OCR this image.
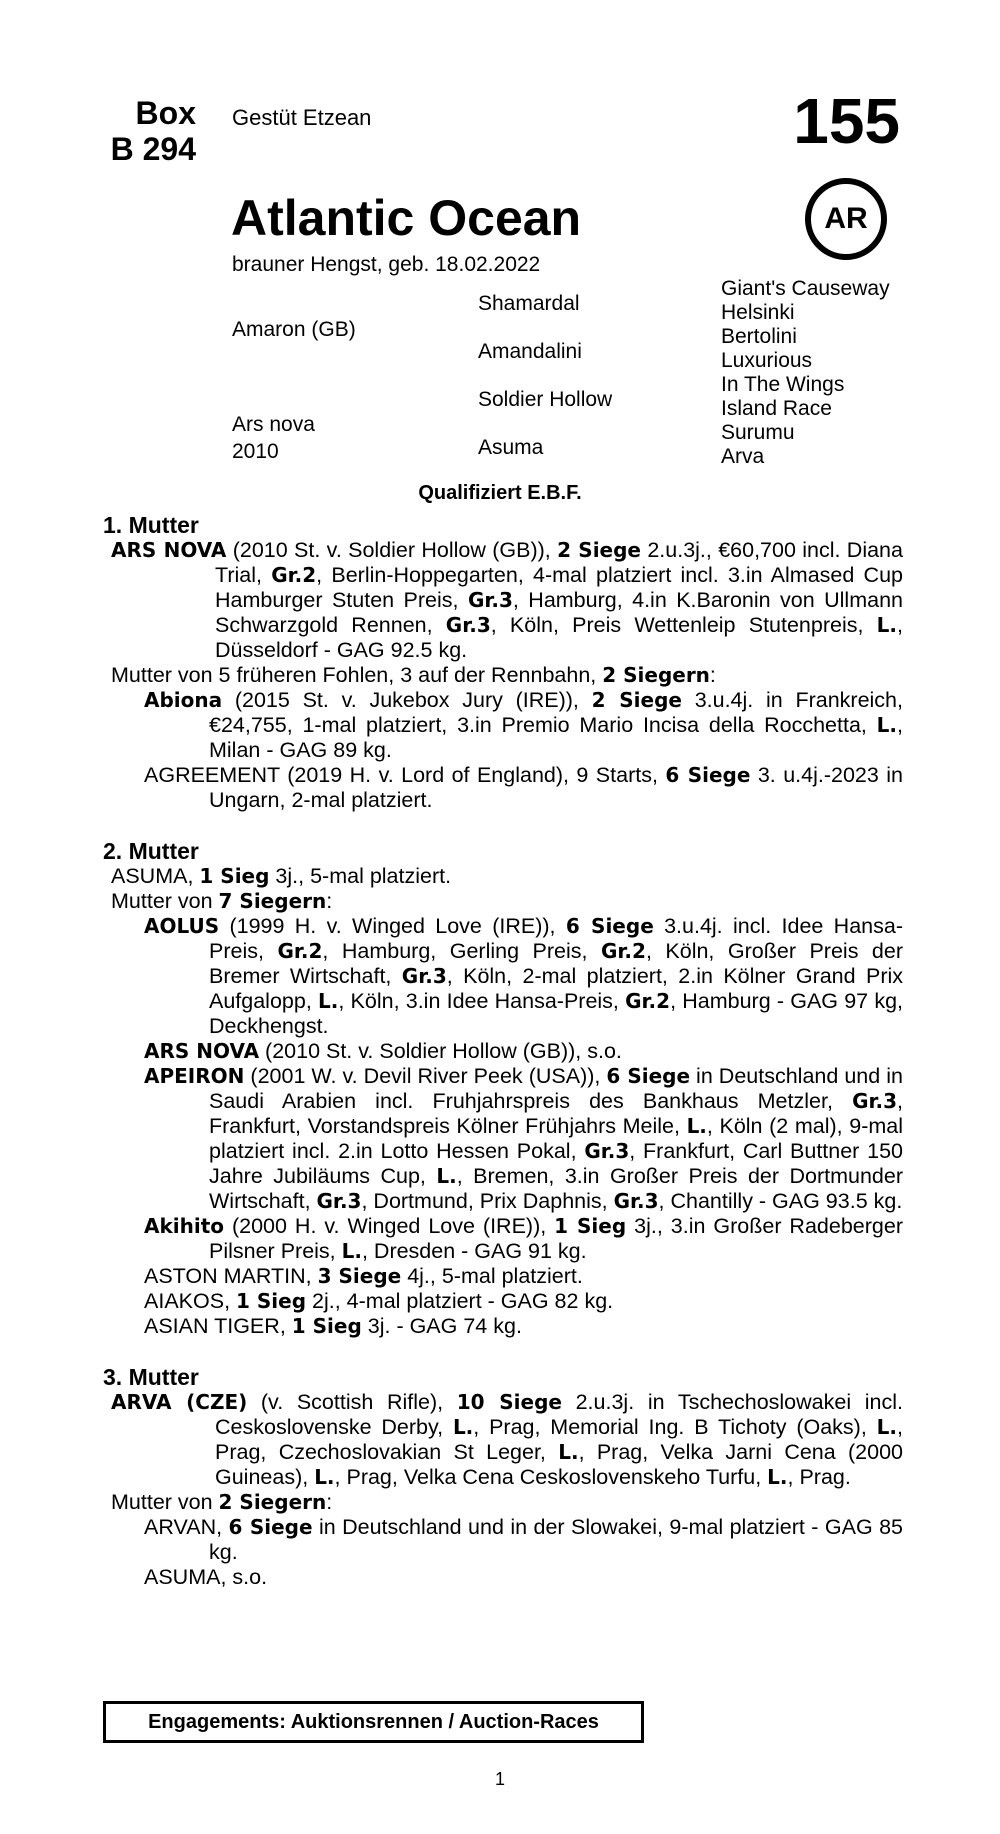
Box
B 294
Gestüt Etzean	155
Atlantic Ocean	AR
brauner Hengst, geb. 18.02.2022
Amaron (GB)
Ars nova
2010
Shamardal
Amandalini
Soldier Hollow
Asuma
Giant's Causeway
Helsinki
Bertolini
Luxurious
In The Wings
Island Race
Surumu
Arva
Qualifiziert E.B.F.
1. Mutter
ARS NOVA (2010 St. v. Soldier Hollow (GB)), 2 Siege 2.u.3j., €60,700 incl. Diana Trial, Gr.2, Berlin-Hoppegarten, 4-mal platziert incl. 3.in Almased Cup Hamburger Stuten Preis, Gr.3, Hamburg, 4.in K.Baronin von Ullmann Schwarzgold Rennen, Gr.3, Köln, Preis Wettenleip Stutenpreis, L., Düsseldorf - GAG 92.5 kg.
Mutter von 5 früheren Fohlen, 3 auf der Rennbahn, 2 Siegern:
Abiona (2015 St. v. Jukebox Jury (IRE)), 2 Siege 3.u.4j. in Frankreich, €24,755, 1-mal platziert, 3.in Premio Mario Incisa della Rocchetta, L., Milan - GAG 89 kg.
AGREEMENT (2019 H. v. Lord of England), 9 Starts, 6 Siege 3. u.4j.-2023 in Ungarn, 2-mal platziert.
2. Mutter
ASUMA, 1 Sieg 3j., 5-mal platziert.
Mutter von 7 Siegern:
AOLUS (1999 H. v. Winged Love (IRE)), 6 Siege 3.u.4j. incl. Idee Hansa-Preis, Gr.2, Hamburg, Gerling Preis, Gr.2, Köln, Großer Preis der Bremer Wirtschaft, Gr.3, Köln, 2-mal platziert, 2.in Kölner Grand Prix Aufgalopp, L., Köln, 3.in Idee Hansa-Preis, Gr.2, Hamburg - GAG 97 kg, Deckhengst.
ARS NOVA (2010 St. v. Soldier Hollow (GB)), s.o.
APEIRON (2001 W. v. Devil River Peek (USA)), 6 Siege in Deutschland und in Saudi Arabien incl. Fruhjahrspreis des Bankhaus Metzler, Gr.3, Frankfurt, Vorstandspreis Kölner Frühjahrs Meile, L., Köln (2 mal), 9-mal platziert incl. 2.in Lotto Hessen Pokal, Gr.3, Frankfurt, Carl Buttner 150 Jahre Jubiläums Cup, L., Bremen, 3.in Großer Preis der Dortmunder Wirtschaft, Gr.3, Dortmund, Prix Daphnis, Gr.3, Chantilly - GAG 93.5 kg.
Akihito (2000 H. v. Winged Love (IRE)), 1 Sieg 3j., 3.in Großer Radeberger Pilsner Preis, L., Dresden - GAG 91 kg.
ASTON MARTIN, 3 Siege 4j., 5-mal platziert.
AIAKOS, 1 Sieg 2j., 4-mal platziert - GAG 82 kg.
ASIAN TIGER, 1 Sieg 3j. - GAG 74 kg.
3. Mutter
ARVA (CZE) (v. Scottish Rifle), 10 Siege 2.u.3j. in Tschechoslowakei incl. Ceskoslovenske Derby, L., Prag, Memorial Ing. B Tichoty (Oaks), L., Prag, Czechoslovakian St Leger, L., Prag, Velka Jarni Cena (2000 Guineas), L., Prag, Velka Cena Ceskoslovenskeho Turfu, L., Prag.
Mutter von 2 Siegern:
ARVAN, 6 Siege in Deutschland und in der Slowakei, 9-mal platziert - GAG 85 kg.
ASUMA, s.o.
Engagements: Auktionsrennen / Auction-Races
1
